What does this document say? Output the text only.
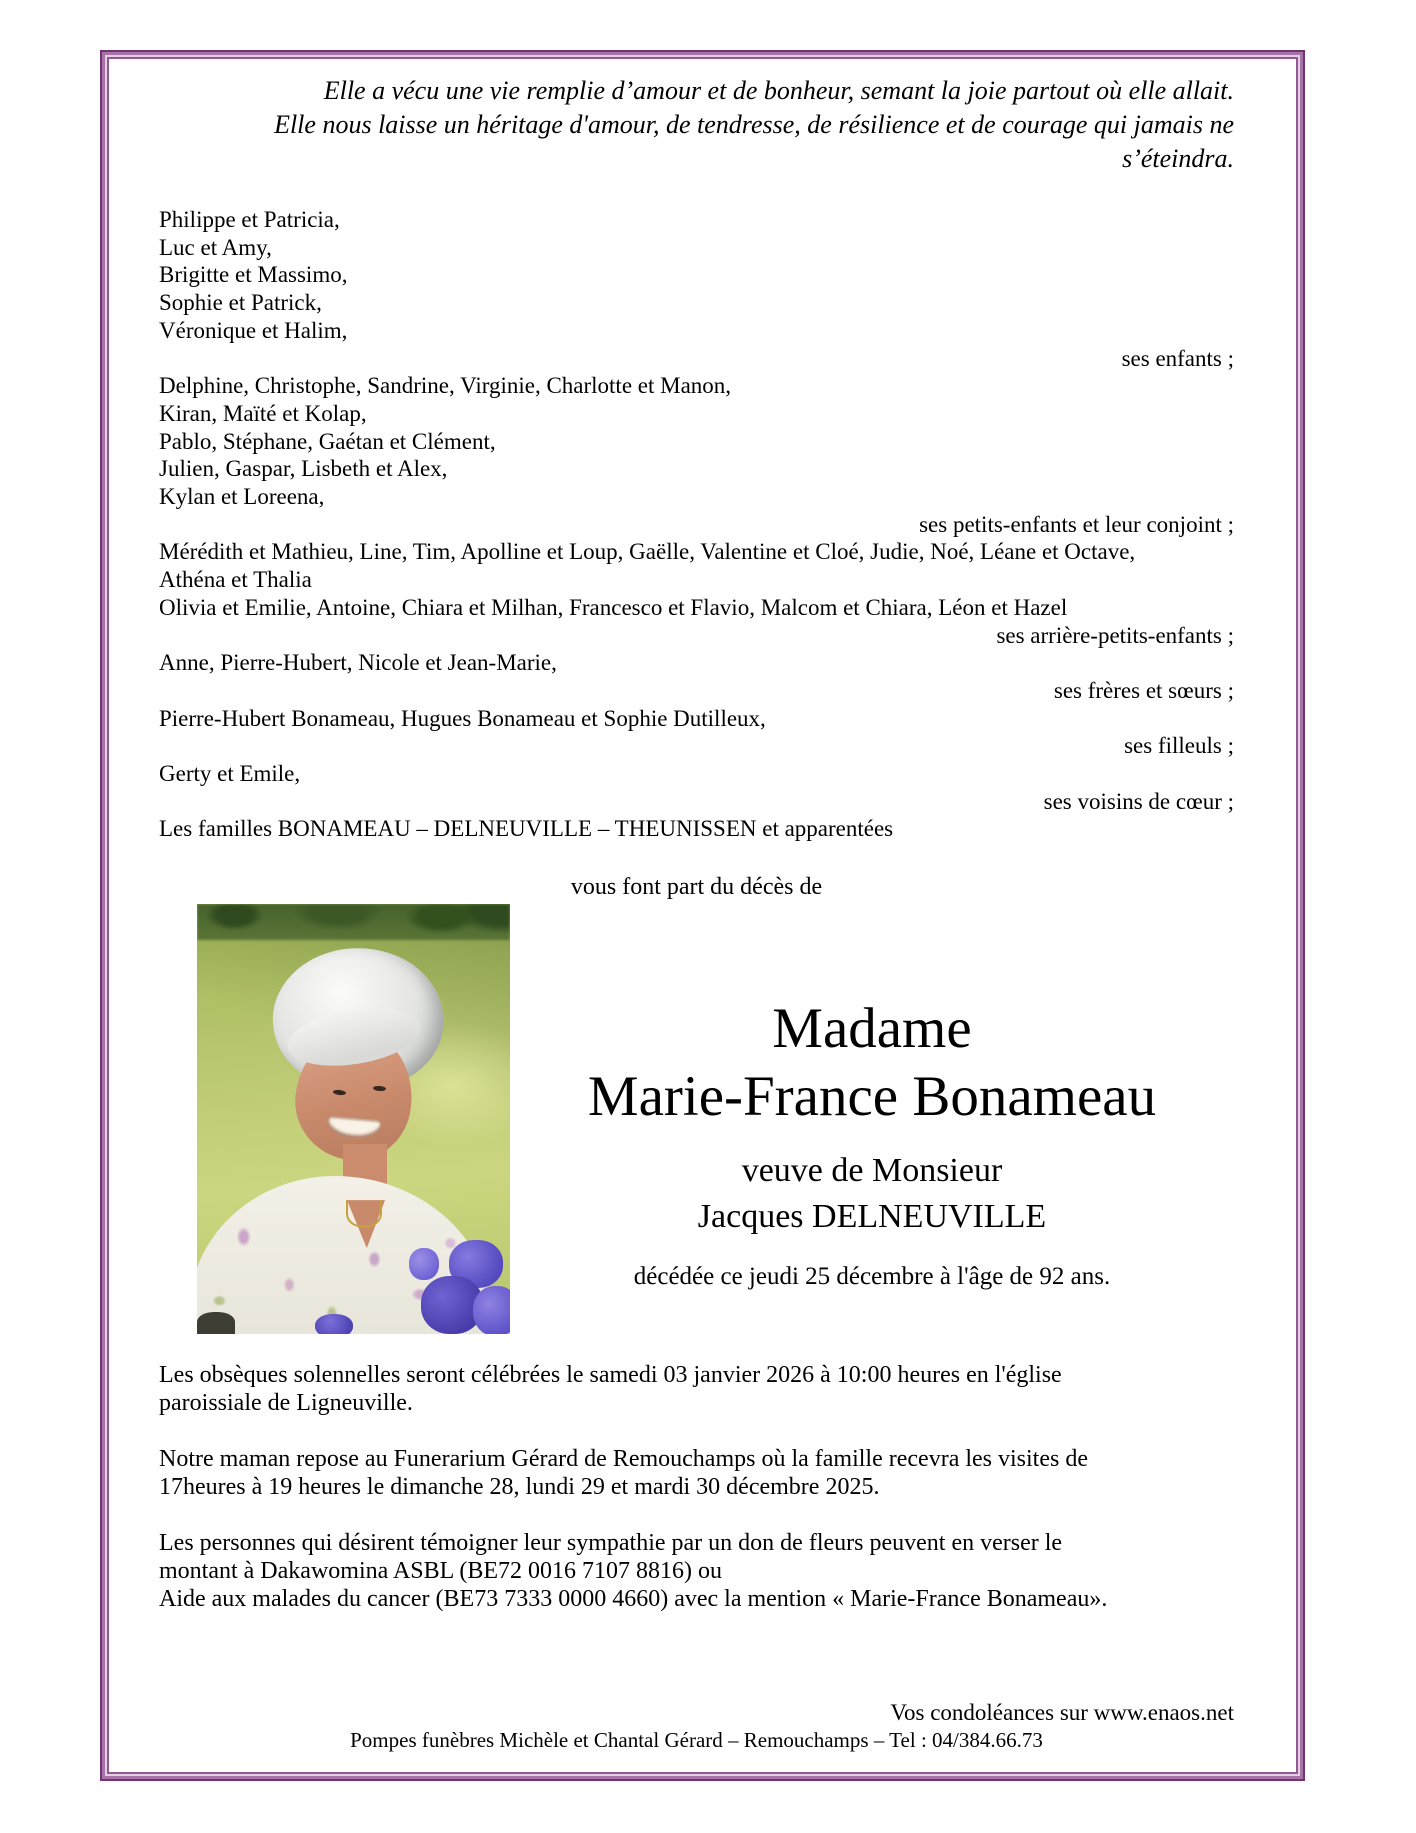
Elle a vécu une vie remplie d’amour et de bonheur, semant la joie partout où elle allait.
Elle nous laisse un héritage d'amour, de tendresse, de résilience et de courage qui jamais ne
s’éteindra.
Philippe et Patricia,
Luc et Amy,
Brigitte et Massimo,
Sophie et Patrick,
Véronique et Halim,
ses enfants ;
Delphine, Christophe, Sandrine, Virginie, Charlotte et Manon,
Kiran, Maïté et Kolap,
Pablo, Stéphane, Gaétan et Clément,
Julien, Gaspar, Lisbeth et Alex,
Kylan et Loreena,
ses petits-enfants et leur conjoint ;
Mérédith et Mathieu, Line, Tim, Apolline et Loup, Gaëlle, Valentine et Cloé, Judie, Noé, Léane et Octave,
Athéna et Thalia
Olivia et Emilie, Antoine, Chiara et Milhan, Francesco et Flavio, Malcom et Chiara, Léon et Hazel
ses arrière-petits-enfants ;
Anne, Pierre-Hubert, Nicole et Jean-Marie,
ses frères et sœurs ;
Pierre-Hubert Bonameau, Hugues Bonameau et Sophie Dutilleux,
ses filleuls ;
Gerty et Emile,
ses voisins de cœur ;
Les familles BONAMEAU – DELNEUVILLE – THEUNISSEN et apparentées
vous font part du décès de
Madame
Marie-France Bonameau
veuve de Monsieur
Jacques DELNEUVILLE
décédée ce jeudi 25 décembre à l'âge de 92 ans.
Les obsèques solennelles seront célébrées le samedi 03 janvier 2026 à 10:00 heures en l'église
paroissiale de Ligneuville.
Notre maman repose au Funerarium Gérard de Remouchamps où la famille recevra les visites de
17heures à 19 heures le dimanche 28, lundi 29 et mardi 30 décembre 2025.
Les personnes qui désirent témoigner leur sympathie par un don de fleurs peuvent en verser le
montant à Dakawomina ASBL (BE72 0016 7107 8816) ou
Aide aux malades du cancer (BE73 7333 0000 4660) avec la mention « Marie-France Bonameau».
Vos condoléances sur www.enaos.net
Pompes funèbres Michèle et Chantal Gérard – Remouchamps – Tel : 04/384.66.73
